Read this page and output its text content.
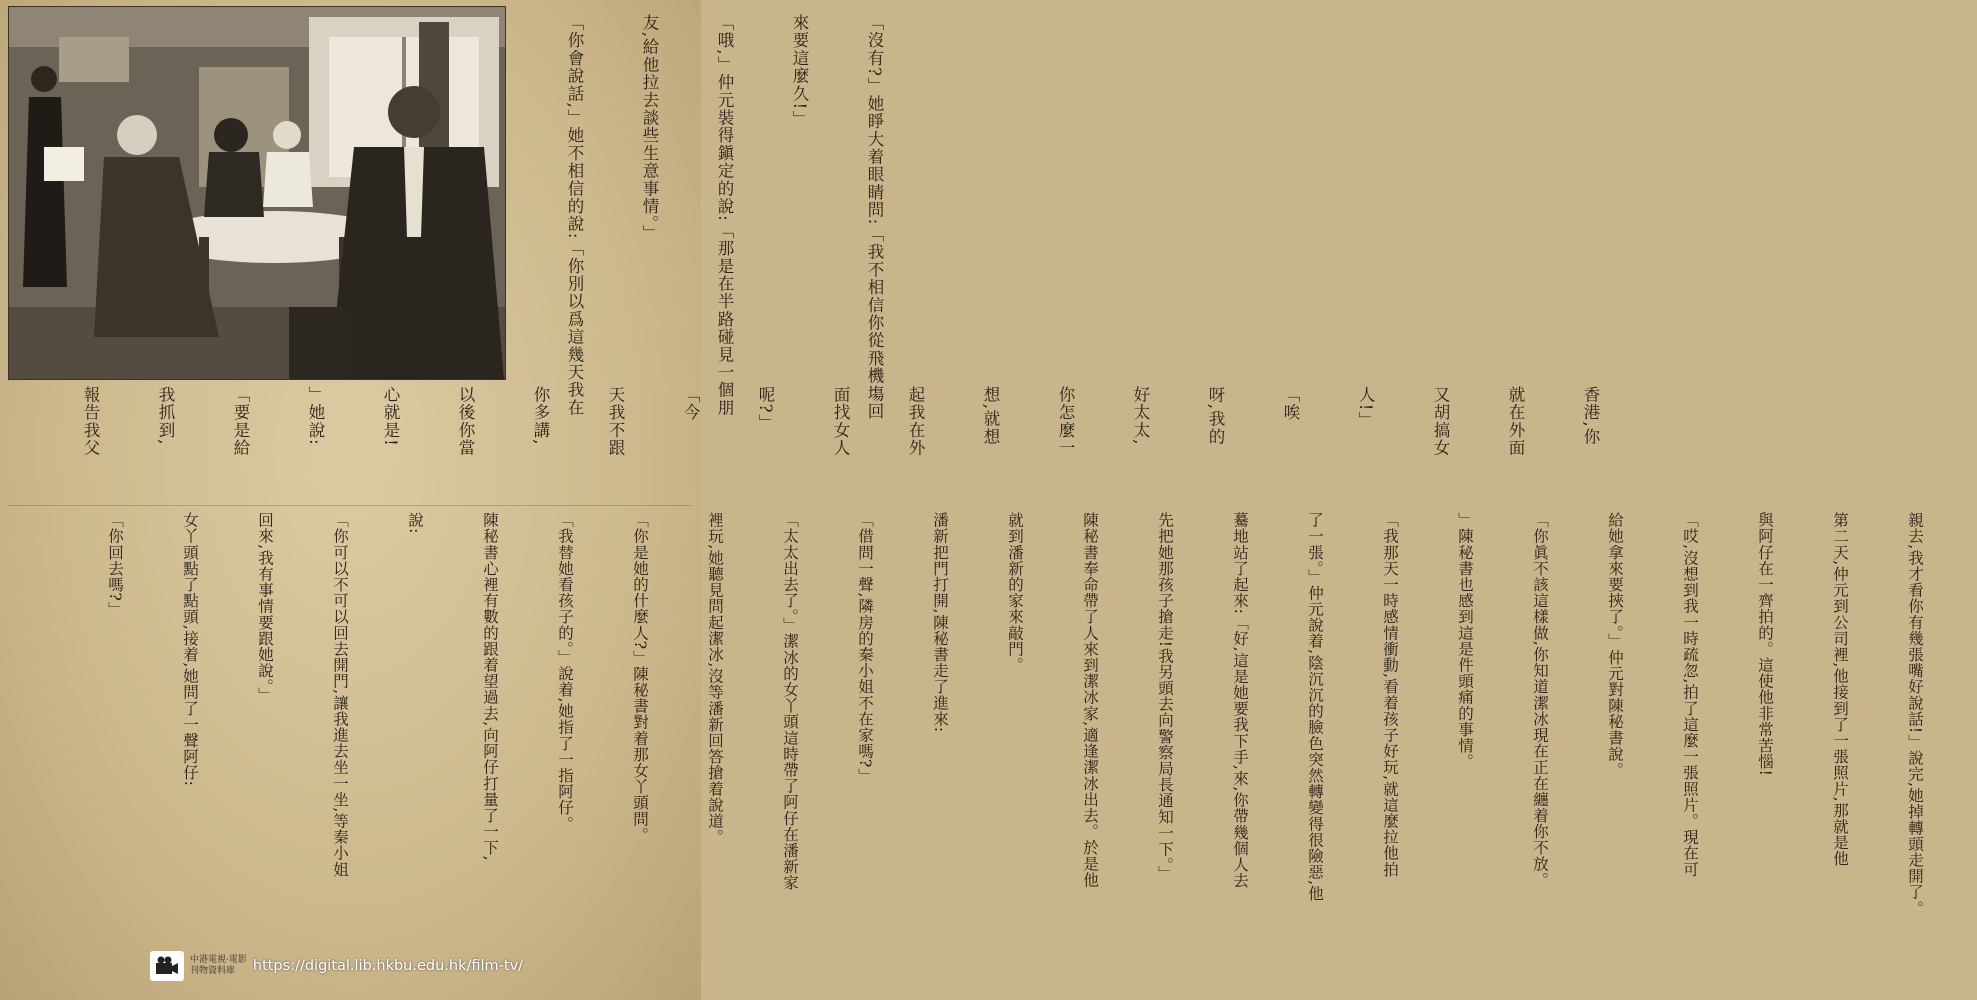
「沒有?」她睜大着眼睛問:「我不相信你從飛機塲回

來要這麼久!」

「哦,」仲元裝得鎭定的說:「那是在半路碰見一個朋

友,給他拉去談些生意事情。」

「你會說話,」她不相信的說:「你別以爲這幾天我在

	香港,你

就在外面

又胡搞女

人!」

「唉

呀,我的

好太太,

你怎麼一

想,就想

起我在外

面找女人

呢?」

「今

天我不跟

你多講,

以後你當

心就是!

」她說:

「要是給

我抓到,

報告我父

親去,我才看你有幾張嘴好說話!」說完,她掉轉頭走開了。

第二天,仲元到公司裡,他接到了一張照片,那就是他

與阿仔在一齊拍的。這使他非常苦惱!

「哎,沒想到我一時疏忽,拍了這麼一張照片。現在可

給她拿來要挾了。」仲元對陳秘書說。

「你眞不該這樣做,你知道潔冰現在正在纏着你不放。

」陳秘書也感到這是件頭痛的事情。

「我那天一時感情衝動,看着孩子好玩,就這麼拉他拍

了一張。」仲元說着,陰沉沉的臉色突然轉變得很險惡,他

驀地站了起來:「好,這是她要我下手,來,你帶幾個人去

先把她那孩子搶走!我另頭去向警察局長通知一下。」

陳秘書奉命帶了人來到潔冰家,適逢潔冰出去。於是他

就到潘新的家來敲門。

潘新把門打開,陳秘書走了進來:

「借問一聲,隣房的秦小姐不在家嗎?」

「太太出去了。」潔冰的女丫頭這時帶了阿仔在潘新家

裡玩,她聽見問起潔冰,沒等潘新回答搶着說道。

「你是她的什麼人?」陳秘書對着那女丫頭問。

「我替她看孩子的。」說着,她指了一指阿仔。

陳秘書心裡有數的跟着望過去,向阿仔打量了一下,

說:

「你可以不可以回去開門,讓我進去坐一坐,等秦小姐

回來,我有事情要跟她說。」

女丫頭點了點頭,接着,她問了一聲阿仔:

「你回去嗎?」

中港電視·電影
刊物資料庫	https://digital.lib.hkbu.edu.hk/film-tv/
